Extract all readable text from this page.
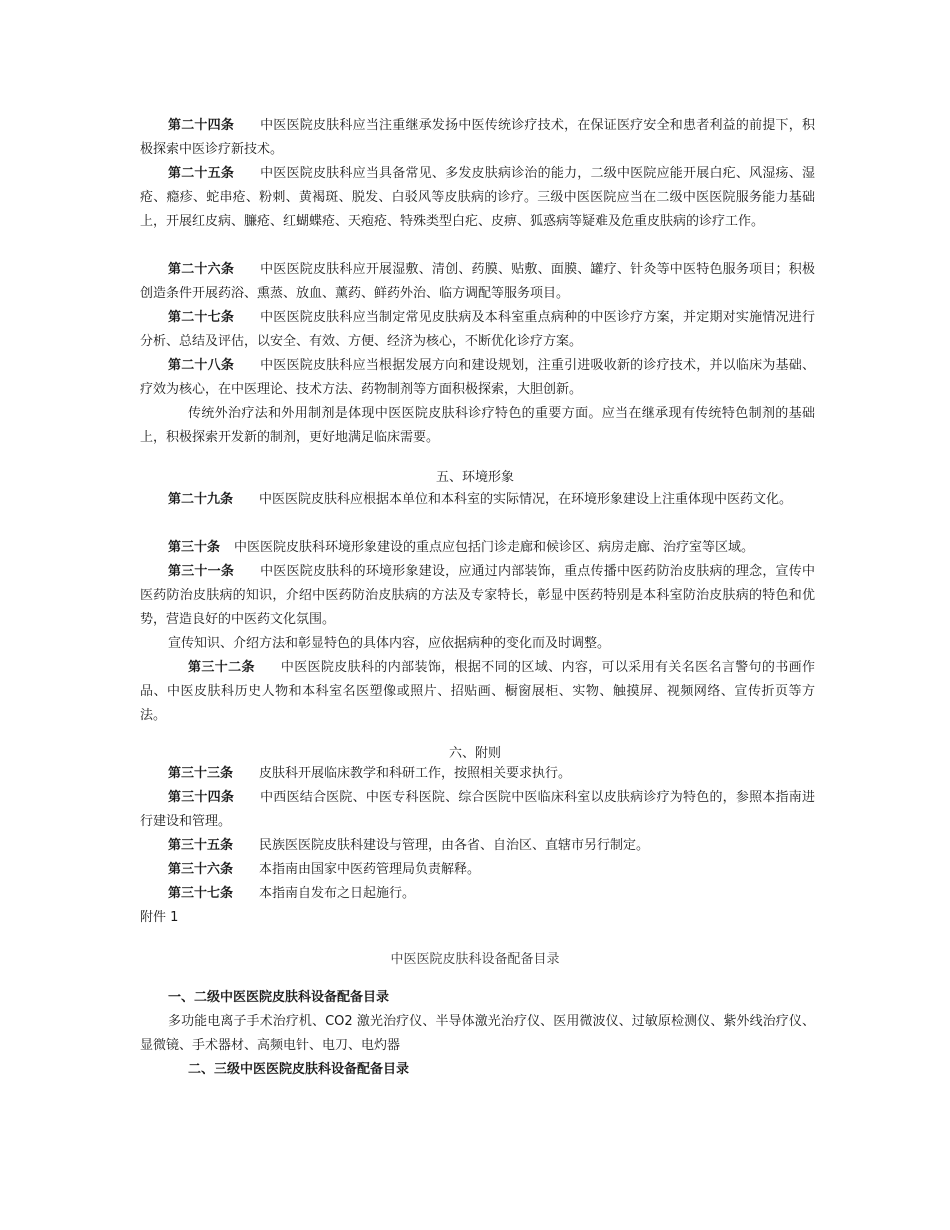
第二十四条 中医医院皮肤科应当注重继承发扬中医传统诊疗技术，在保证医疗安全和患者利益的前提下，积极探索中医诊疗新技术。

第二十五条 中医医院皮肤科应当具备常见、多发皮肤病诊治的能力，二级中医院应能开展白疕、风湿疡、湿疮、瘾疹、蛇串疮、粉刺、黄褐斑、脱发、白驳风等皮肤病的诊疗。三级中医医院应当在二级中医医院服务能力基础上，开展红皮病、臁疮、红蝴蝶疮、天疱疮、特殊类型白疕、皮痹、狐惑病等疑难及危重皮肤病的诊疗工作。

第二十六条 中医医院皮肤科应开展湿敷、清创、药膜、贴敷、面膜、罐疗、针灸等中医特色服务项目；积极创造条件开展药浴、熏蒸、放血、薰药、鲜药外治、临方调配等服务项目。

第二十七条 中医医院皮肤科应当制定常见皮肤病及本科室重点病种的中医诊疗方案，并定期对实施情况进行分析、总结及评估，以安全、有效、方便、经济为核心，不断优化诊疗方案。

第二十八条 中医医院皮肤科应当根据发展方向和建设规划，注重引进吸收新的诊疗技术，并以临床为基础、疗效为核心，在中医理论、技术方法、药物制剂等方面积极探索，大胆创新。

传统外治疗法和外用制剂是体现中医医院皮肤科诊疗特色的重要方面。应当在继承现有传统特色制剂的基础上，积极探索开发新的制剂，更好地满足临床需要。

五、环境形象

第二十九条 中医医院皮肤科应根据本单位和本科室的实际情况，在环境形象建设上注重体现中医药文化。

第三十条 中医医院皮肤科环境形象建设的重点应包括门诊走廊和候诊区、病房走廊、治疗室等区域。

第三十一条 中医医院皮肤科的环境形象建设，应通过内部装饰，重点传播中医药防治皮肤病的理念，宣传中医药防治皮肤病的知识，介绍中医药防治皮肤病的方法及专家特长，彰显中医药特别是本科室防治皮肤病的特色和优势，营造良好的中医药文化氛围。

宣传知识、介绍方法和彰显特色的具体内容，应依据病种的变化而及时调整。

第三十二条 中医医院皮肤科的内部装饰，根据不同的区域、内容，可以采用有关名医名言警句的书画作品、中医皮肤科历史人物和本科室名医塑像或照片、招贴画、橱窗展柜、实物、触摸屏、视频网络、宣传折页等方法。

六、附则

第三十三条 皮肤科开展临床教学和科研工作，按照相关要求执行。

第三十四条 中西医结合医院、中医专科医院、综合医院中医临床科室以皮肤病诊疗为特色的，参照本指南进行建设和管理。

第三十五条 民族医医院皮肤科建设与管理，由各省、自治区、直辖市另行制定。

第三十六条 本指南由国家中医药管理局负责解释。

第三十七条 本指南自发布之日起施行。

附件 1

中医医院皮肤科设备配备目录

一、二级中医医院皮肤科设备配备目录

多功能电离子手术治疗机、CO2 激光治疗仪、半导体激光治疗仪、医用微波仪、过敏原检测仪、紫外线治疗仪、显微镜、手术器材、高频电针、电刀、电灼器

二、三级中医医院皮肤科设备配备目录
